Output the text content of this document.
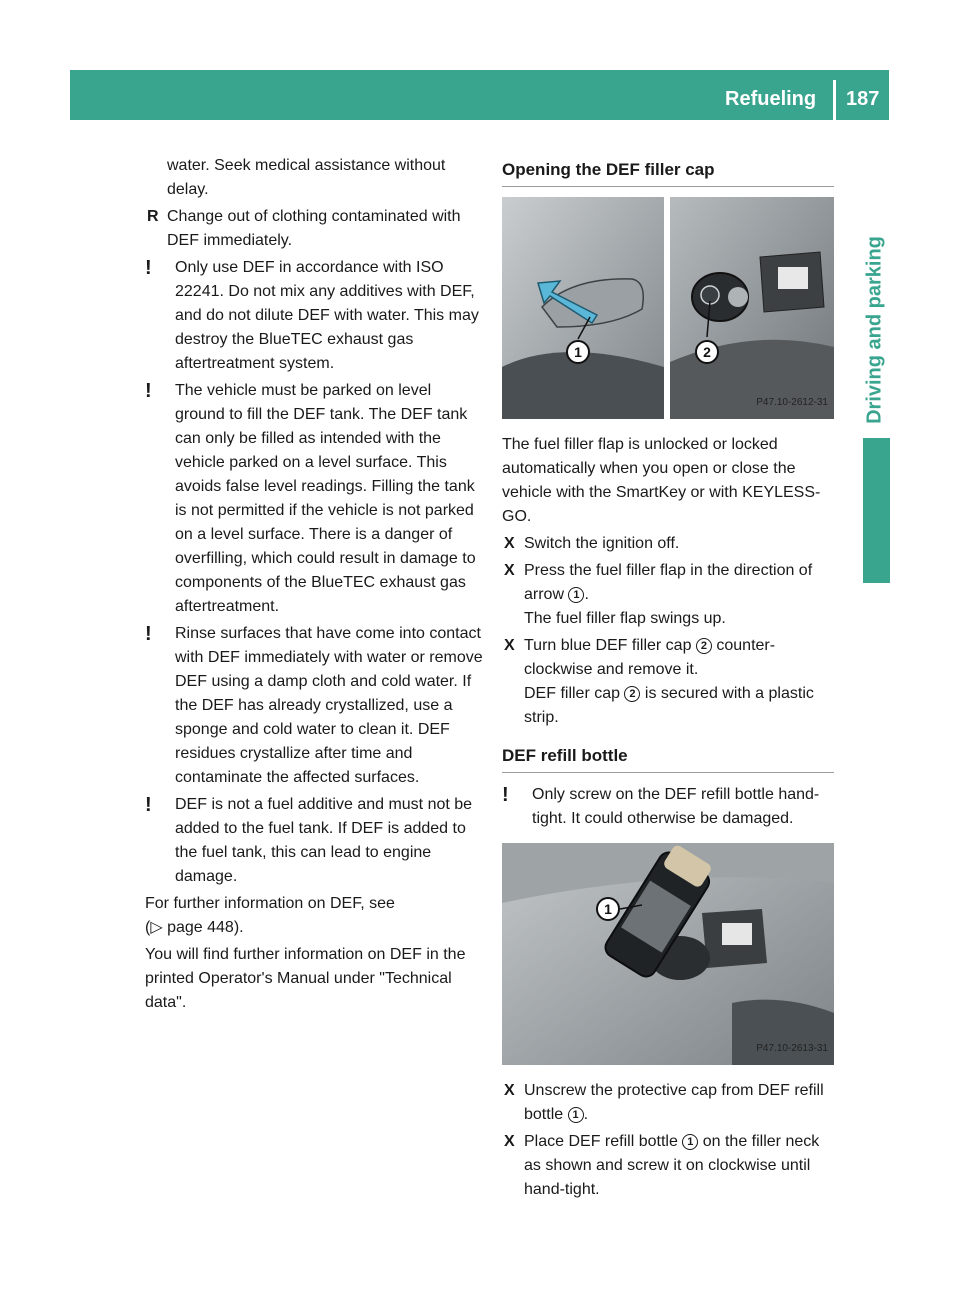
Refueling 187
Driving and parking
water. Seek medical assistance without delay.
R Change out of clothing contaminated with DEF immediately.
! Only use DEF in accordance with ISO 22241. Do not mix any additives with DEF, and do not dilute DEF with water. This may destroy the BlueTEC exhaust gas aftertreatment system.
! The vehicle must be parked on level ground to fill the DEF tank. The DEF tank can only be filled as intended with the vehicle parked on a level surface. This avoids false level readings. Filling the tank is not permitted if the vehicle is not parked on a level surface. There is a danger of overfilling, which could result in damage to components of the BlueTEC exhaust gas aftertreatment.
! Rinse surfaces that have come into contact with DEF immediately with water or remove DEF using a damp cloth and cold water. If the DEF has already crystallized, use a sponge and cold water to clean it. DEF residues crystallize after time and contaminate the affected surfaces.
! DEF is not a fuel additive and must not be added to the fuel tank. If DEF is added to the fuel tank, this can lead to engine damage.
For further information on DEF, see
(▷ page 448).
You will find further information on DEF in the printed Operator's Manual under "Technical data".
Opening the DEF filler cap
1	2
P47.10-2612-31
The fuel filler flap is unlocked or locked automatically when you open or close the vehicle with the SmartKey or with KEYLESS-GO.
X Switch the ignition off.
X Press the fuel filler flap in the direction of arrow 1 .
The fuel filler flap swings up.
X Turn blue DEF filler cap 2 counter-clockwise and remove it.
DEF filler cap 2 is secured with a plastic strip.
DEF refill bottle
! Only screw on the DEF refill bottle hand-tight. It could otherwise be damaged.
1
P47.10-2613-31
X Unscrew the protective cap from DEF refill bottle 1 .
X Place DEF refill bottle 1 on the filler neck as shown and screw it on clockwise until hand-tight.
